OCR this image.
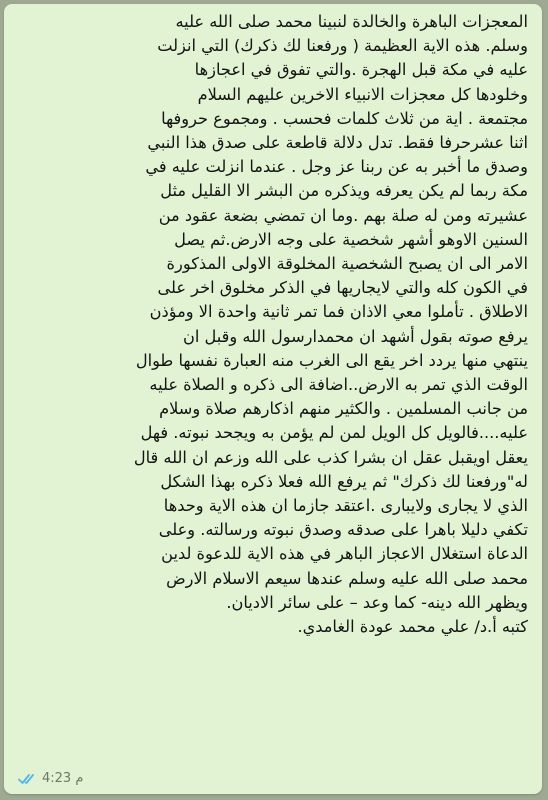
المعجزات الباهرة والخالدة لنبينا محمد صلى الله عليه

وسلم. هذه الاية العظيمة ( ورفعنا لك ذكرك) التي انزلت

عليه في مكة قبل الهجرة .والتي تفوق في اعجازها

وخلودها كل معجزات الانبياء الاخرين عليهم السلام

مجتمعة . اية من ثلاث كلمات فحسب . ومجموع حروفها

اثنا عشرحرفا فقط. تدل دلالة قاطعة على صدق هذا النبي

وصدق ما أخبر به عن ربنا عز وجل . عندما انزلت عليه في

مكة ربما لم يكن يعرفه ويذكره من البشر الا القليل مثل

عشيرته ومن له صلة بهم .وما ان تمضي بضعة عقود من

السنين الاوهو أشهر شخصية على وجه الارض.ثم يصل

الامر الى ان يصبح الشخصية المخلوقة الاولى المذكورة

في الكون كله والتي لايجاريها في الذكر مخلوق اخر على

الاطلاق . تأملوا معي الاذان فما تمر ثانية واحدة الا ومؤذن

يرفع صوته بقول أشهد ان محمدارسول الله وقبل ان

ينتهي منها يردد اخر يقع الى الغرب منه العبارة نفسها طوال

الوقت الذي تمر به الارض..اضافة الى ذكره و الصلاة عليه

من جانب المسلمين . والكثير منهم اذكارهم صلاة وسلام

عليه....فالويل كل الويل لمن لم يؤمن به ويجحد نبوته. فهل

يعقل اويقبل عقل ان بشرا كذب على الله وزعم ان الله قال

له"ورفعنا لك ذكرك" ثم يرفع الله فعلا ذكره بهذا الشكل

الذي لا يجارى ولايبارى .اعتقد جازما ان هذه الاية وحدها

تكفي دليلا باهرا على صدقه وصدق نبوته ورسالته. وعلى

الدعاة استغلال الاعجاز الباهر في هذه الاية للدعوة لدين

محمد صلى الله عليه وسلم عندها سيعم الاسلام الارض

ويظهر الله دينه- كما وعد – على سائر الاديان.

كتبه أ.د/ علي محمد عودة الغامدي.

4:23 م
